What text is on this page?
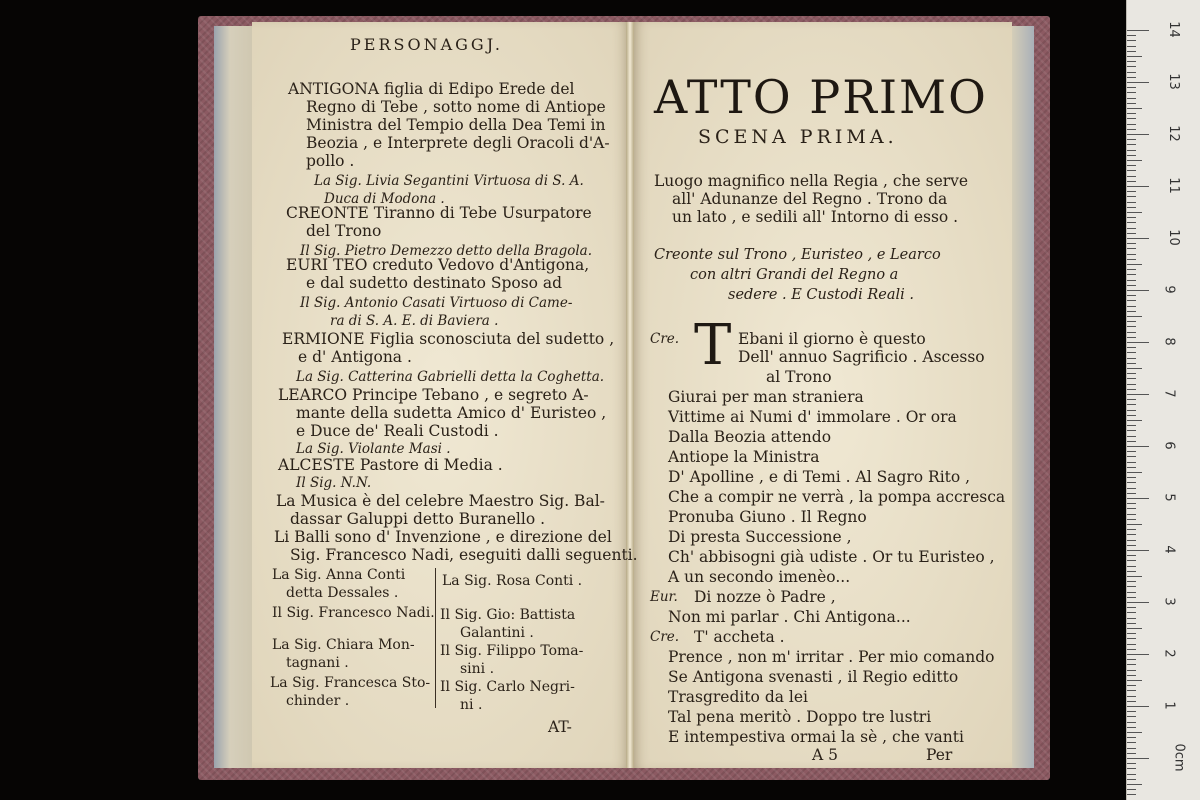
14
13
12
11
10
9
8
7
6
5
4
3
2
1
0cm
PERSONAGGJ.
ANTIGONA figlia di Edipo Erede del
Regno di Tebe , sotto nome di Antiope
Ministra del Tempio della Dea Temi in
Beozia , e Interprete degli Oracoli d'A-
pollo .
La Sig. Livia Segantini Virtuosa di S. A.
Duca di Modona .
CREONTE Tiranno di Tebe Usurpatore
del Trono
Il Sig. Pietro Demezzo detto della Bragola.
EURI TEO creduto Vedovo d'Antigona,
e dal sudetto destinato Sposo ad
Il Sig. Antonio Casati Virtuoso di Came-
ra di S. A. E. di Baviera .
ERMIONE Figlia sconosciuta del sudetto ,
e d' Antigona .
La Sig. Catterina Gabrielli detta la Coghetta.
LEARCO Principe Tebano , e segreto A-
mante della sudetta Amico d' Euristeo ,
e Duce de' Reali Custodi .
La Sig. Violante Masi .
ALCESTE Pastore di Media .
Il Sig. N.N.
La Musica è del celebre Maestro Sig. Bal-
dassar Galuppi detto Buranello .
Li Balli sono d' Invenzione , e direzione del
Sig. Francesco Nadi, eseguiti dalli seguenti.
La Sig. Anna Conti
detta Dessales .
Il Sig. Francesco Nadi.
La Sig. Chiara Mon-
tagnani .
La Sig. Francesca Sto-
chinder .
La Sig. Rosa Conti .
Il Sig. Gio: Battista
Galantini .
Il Sig. Filippo Toma-
sini .
Il Sig. Carlo Negri-
ni .
AT-
ATTO PRIMO
SCENA PRIMA.
Luogo magnifico nella Regia , che serve
all' Adunanze del Regno . Trono da
un lato , e sedili all' Intorno di esso .
Creonte sul Trono , Euristeo , e Learco
con altri Grandi del Regno a
sedere . E Custodi Reali .
Cre. T Ebani il giorno è questo
Dell' annuo Sagrificio . Ascesso
al Trono
Giurai per man straniera
Vittime ai Numi d' immolare . Or ora
Dalla Beozia attendo
Antiope la Ministra
D' Apolline , e di Temi . Al Sagro Rito ,
Che a compir ne verrà , la pompa accresca
Pronuba Giuno . Il Regno
Di presta Successione ,
Ch' abbisogni già udiste . Or tu Euristeo ,
A un secondo imenèo...
Eur. Di nozze ò Padre ,
Non mi parlar . Chi Antigona...
Cre. T' accheta .
Prence , non m' irritar . Per mio comando
Se Antigona svenasti , il Regio editto
Trasgredito da lei
Tal pena meritò . Doppo tre lustri
E intempestiva ormai la sè , che vanti
A 5	Per
